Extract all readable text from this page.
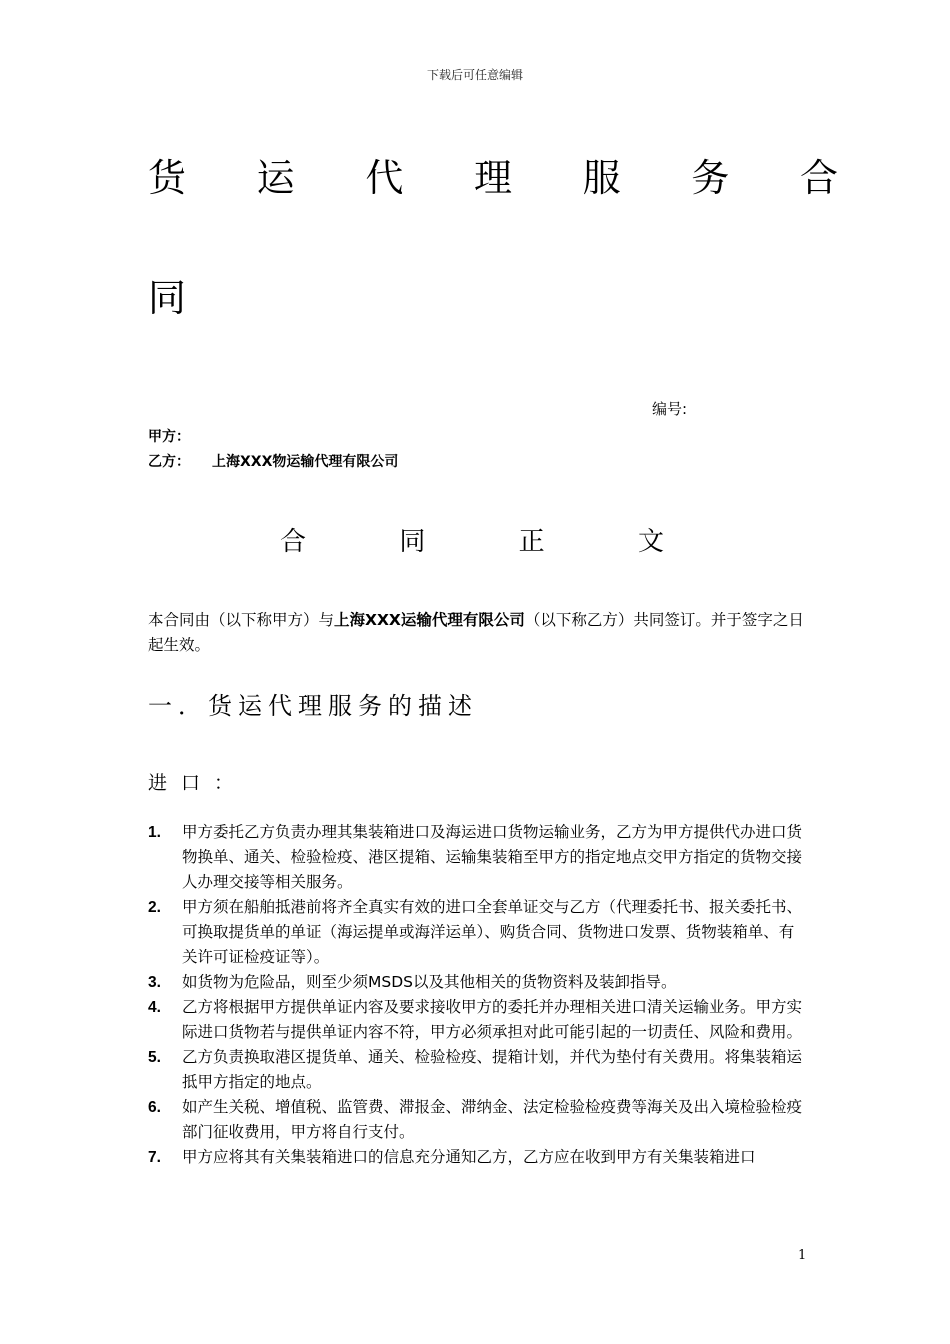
下载后可任意编辑
货 运 代 理 服 务 合
同
编号:
甲方：
乙方： 上海XXX物运输代理有限公司
合	同	正	文
本合同由（以下称甲方）与上海XXX运输代理有限公司（以下称乙方）共同签订。并于签字之日起生效。
一．货运代理服务的描述
进口：
1.	甲方委托乙方负责办理其集装箱进口及海运进口货物运输业务，乙方为甲方提供代办进口货物换单、通关、检验检疫、港区提箱、运输集装箱至甲方的指定地点交甲方指定的货物交接人办理交接等相关服务。
2.	甲方须在船舶抵港前将齐全真实有效的进口全套单证交与乙方（代理委托书、报关委托书、可换取提货单的单证（海运提单或海洋运单）、购货合同、货物进口发票、货物装箱单、有关许可证检疫证等）。
3.	如货物为危险品，则至少须MSDS以及其他相关的货物资料及装卸指导。
4.	乙方将根据甲方提供单证内容及要求接收甲方的委托并办理相关进口清关运输业务。甲方实际进口货物若与提供单证内容不符，甲方必须承担对此可能引起的一切责任、风险和费用。
5.	乙方负责换取港区提货单、通关、检验检疫、提箱计划，并代为垫付有关费用。将集装箱运抵甲方指定的地点。
6.	如产生关税、增值税、监管费、滞报金、滞纳金、法定检验检疫费等海关及出入境检验检疫部门征收费用，甲方将自行支付。
7.	甲方应将其有关集装箱进口的信息充分通知乙方，乙方应在收到甲方有关集装箱进口
1
